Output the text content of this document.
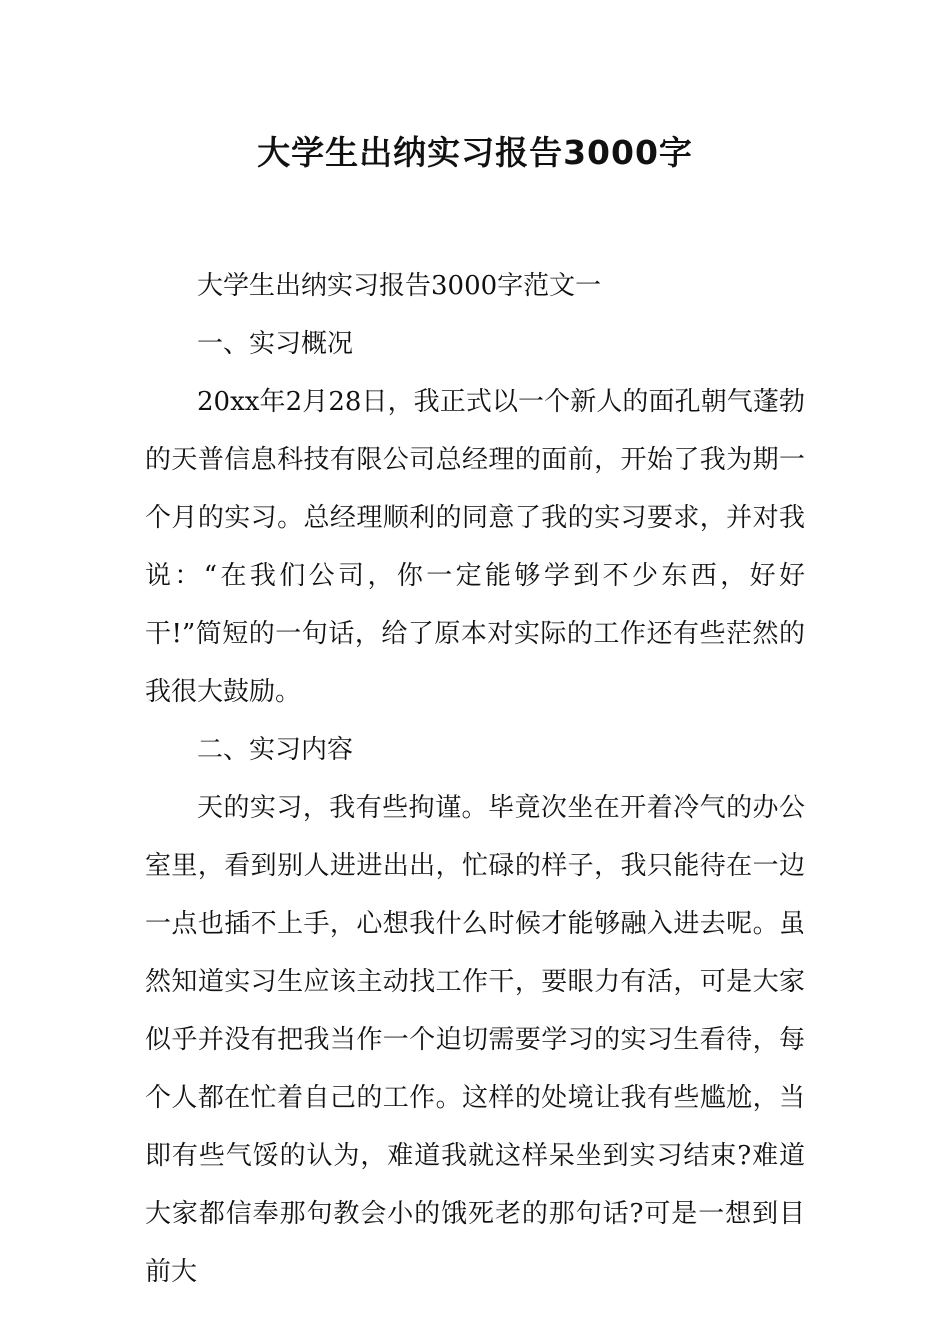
大学生出纳实习报告3000字

大学生出纳实习报告3000字范文一

一、实习概况

20xx年2月28日，我正式以一个新人的面孔朝气蓬勃的天普信息科技有限公司总经理的面前，开始了我为期一个月的实习。总经理顺利的同意了我的实习要求，并对我说：“在我们公司，你一定能够学到不少东西，好好干!”简短的一句话，给了原本对实际的工作还有些茫然的我很大鼓励。

二、实习内容

天的实习，我有些拘谨。毕竟次坐在开着冷气的办公室里，看到别人进进出出，忙碌的样子，我只能待在一边一点也插不上手，心想我什么时候才能够融入进去呢。虽然知道实习生应该主动找工作干，要眼力有活，可是大家似乎并没有把我当作一个迫切需要学习的实习生看待，每个人都在忙着自己的工作。这样的处境让我有些尴尬，当即有些气馁的认为，难道我就这样呆坐到实习结束?难道大家都信奉那句教会小的饿死老的那句话?可是一想到目前大
